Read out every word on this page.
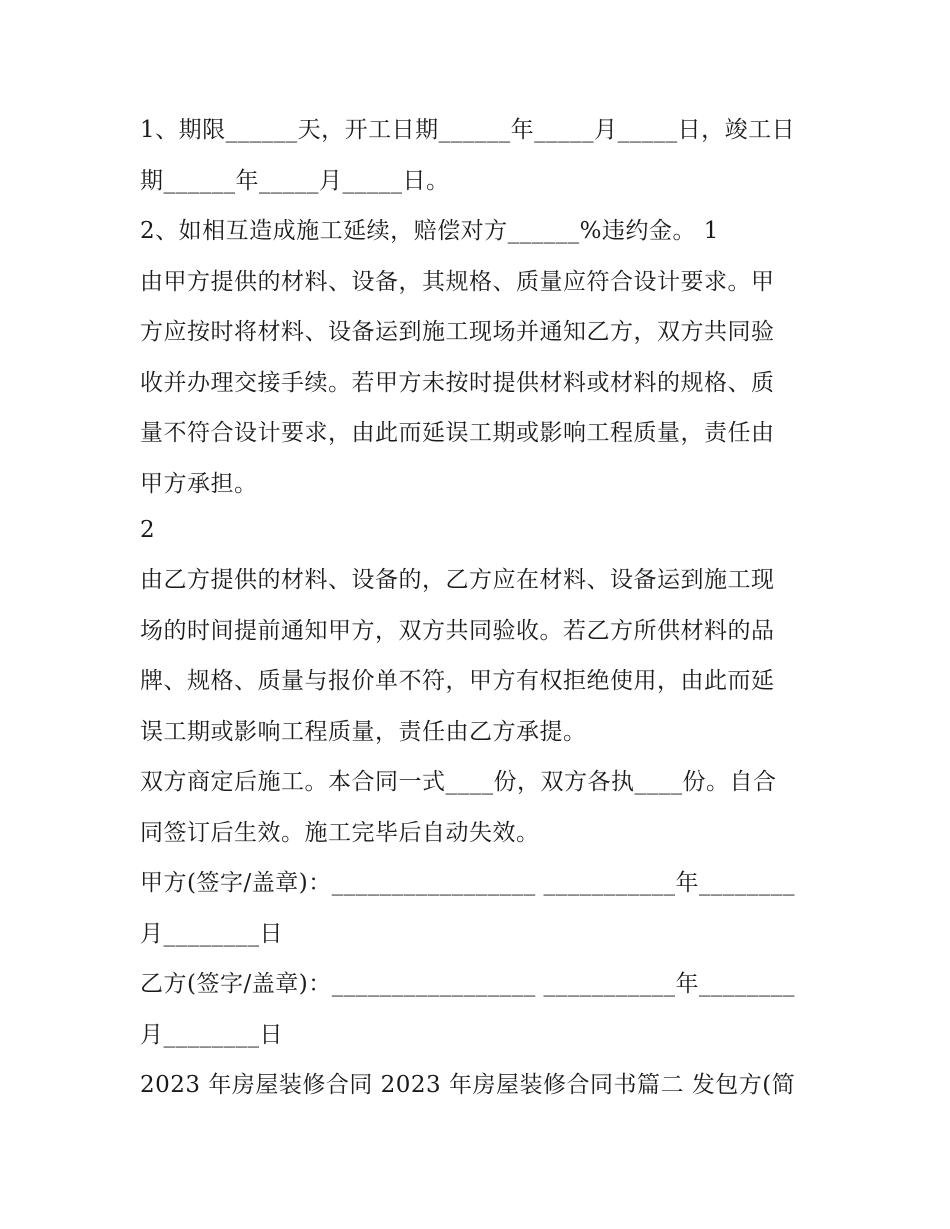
1、期限______天，开工日期______年_____月_____日，竣工日
期______年_____月_____日。
2、如相互造成施工延续，赔偿对方______%违约金。 1
由甲方提供的材料、设备，其规格、质量应符合设计要求。甲
方应按时将材料、设备运到施工现场并通知乙方，双方共同验
收并办理交接手续。若甲方未按时提供材料或材料的规格、质
量不符合设计要求，由此而延误工期或影响工程质量，责任由
甲方承担。
2
由乙方提供的材料、设备的，乙方应在材料、设备运到施工现
场的时间提前通知甲方，双方共同验收。若乙方所供材料的品
牌、规格、质量与报价单不符，甲方有权拒绝使用，由此而延
误工期或影响工程质量，责任由乙方承提。
双方商定后施工。本合同一式____份，双方各执____份。自合
同签订后生效。施工完毕后自动失效。
甲方(签字/盖章)：_________________ ___________年________
月________日
乙方(签字/盖章)：_________________ ___________年________
月________日
2023 年房屋装修合同 2023 年房屋装修合同书篇二 发包方(简
